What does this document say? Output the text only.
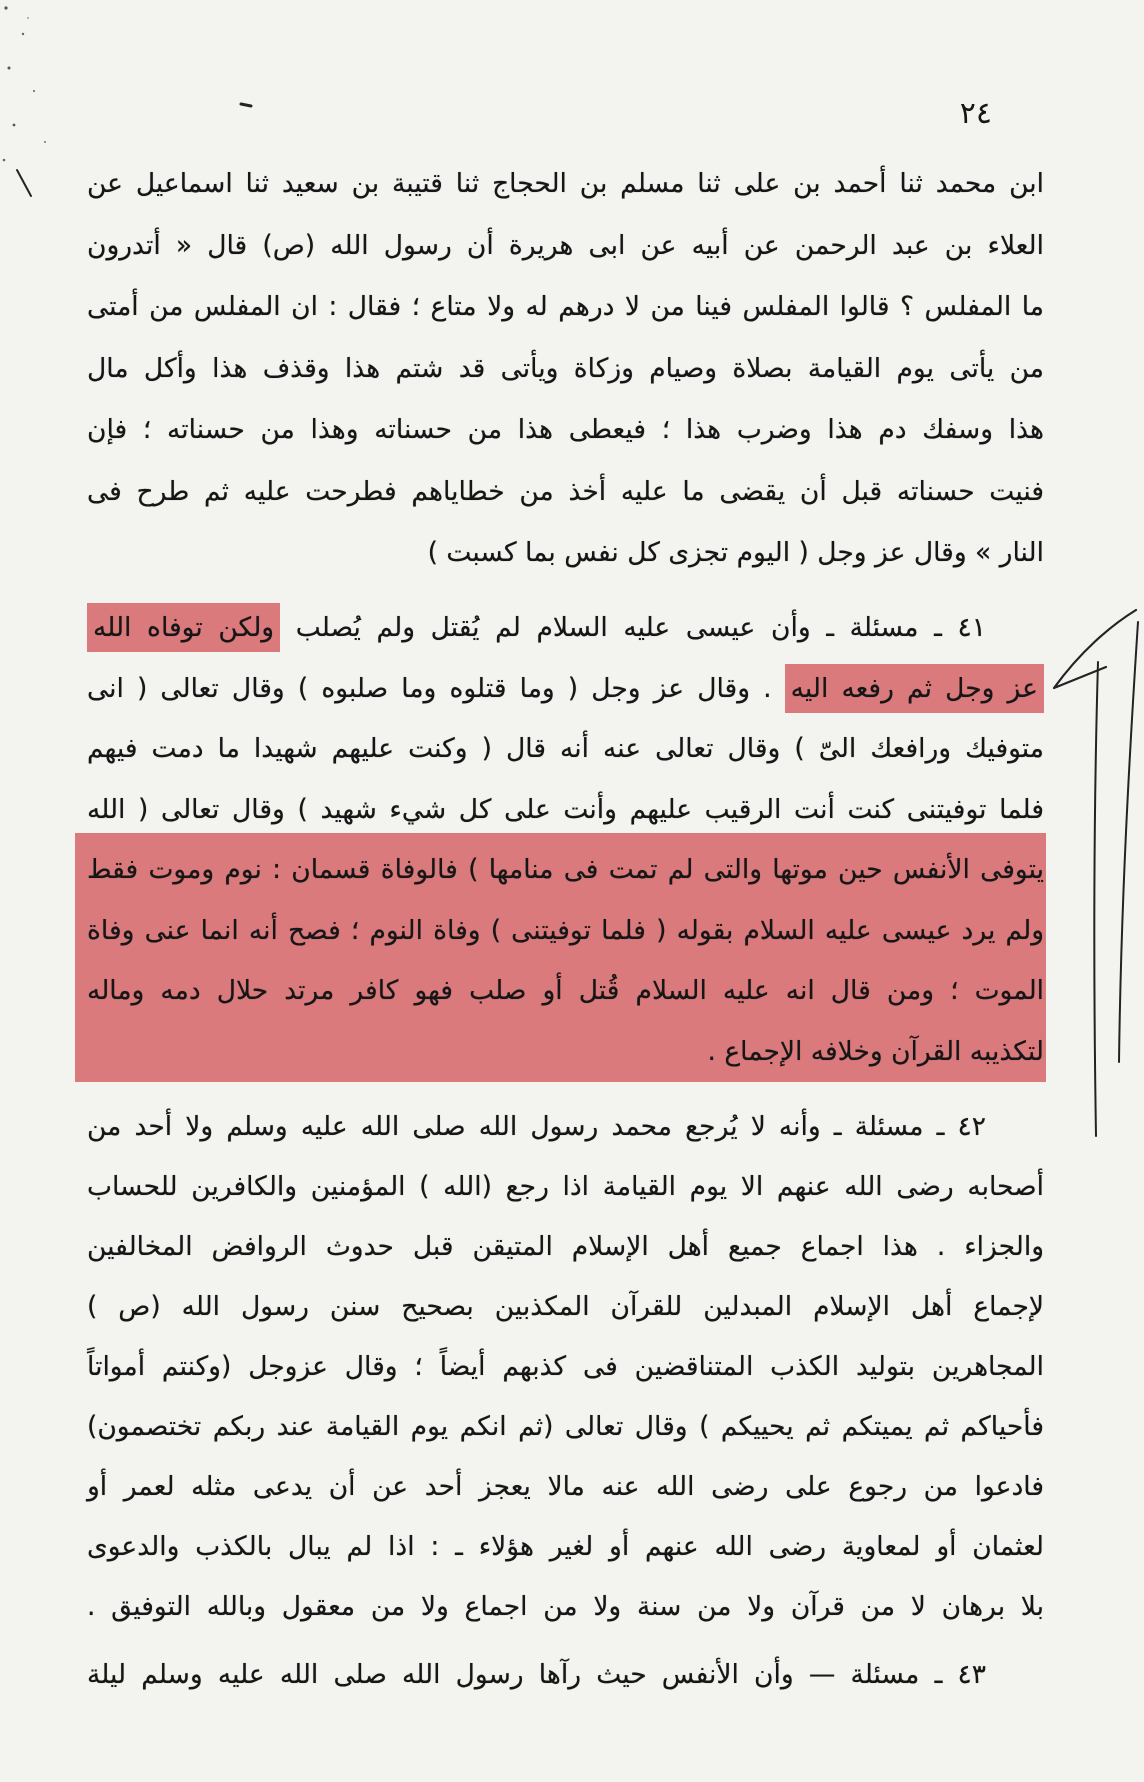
٢٤
ابن محمد ثنا أحمد بن على ثنا مسلم بن الحجاج ثنا قتيبة بن سعيد ثنا اسماعيل عن
العلاء بن عبد الرحمن عن أبيه عن ابى هريرة أن رسول الله (ص) قال « أتدرون
ما المفلس ؟ قالوا المفلس فينا من لا درهم له ولا متاع ؛ فقال : ان المفلس من أمتى
من يأتى يوم القيامة بصلاة وصيام وزكاة ويأتى قد شتم هذا وقذف هذا وأكل مال
هذا وسفك دم هذا وضرب هذا ؛ فيعطى هذا من حسناته وهذا من حسناته ؛ فإن
فنيت حسناته قبل أن يقضى ما عليه أخذ من خطاياهم فطرحت عليه ثم طرح فى
النار » وقال عز وجل ( اليوم تجزى كل نفس بما كسبت )
٤١ ـ مسئلة ـ وأن عيسى عليه السلام لم يُقتل ولم يُصلب ولكن توفاه الله
عز وجل ثم رفعه اليه . وقال عز وجل ( وما قتلوه وما صلبوه ) وقال تعالى ( انى
متوفيك ورافعك الىّ ) وقال تعالى عنه أنه قال ( وكنت عليهم شهيدا ما دمت فيهم
فلما توفيتنى كنت أنت الرقيب عليهم وأنت على كل شيء شهيد ) وقال تعالى ( الله
يتوفى الأنفس حين موتها والتى لم تمت فى منامها ) فالوفاة قسمان : نوم وموت فقط
ولم يرد عيسى عليه السلام بقوله ( فلما توفيتنى ) وفاة النوم ؛ فصح أنه انما عنى وفاة
الموت ؛ ومن قال انه عليه السلام قُتل أو صلب فهو كافر مرتد حلال دمه وماله
لتكذيبه القرآن وخلافه الإجماع .
٤٢ ـ مسئلة ـ وأنه لا يُرجع محمد رسول الله صلى الله عليه وسلم ولا أحد من
أصحابه رضى الله عنهم الا يوم القيامة اذا رجع (الله ) المؤمنين والكافرين للحساب
والجزاء . هذا اجماع جميع أهل الإسلام المتيقن قبل حدوث الروافض المخالفين
لإجماع أهل الإسلام المبدلين للقرآن المكذبين بصحيح سنن رسول الله (ص )
المجاهرين بتوليد الكذب المتناقضين فى كذبهم أيضاً ؛ وقال عزوجل (وكنتم أمواتاً
فأحياكم ثم يميتكم ثم يحييكم ) وقال تعالى (ثم انكم يوم القيامة عند ربكم تختصمون)
فادعوا من رجوع على رضى الله عنه مالا يعجز أحد عن أن يدعى مثله لعمر أو
لعثمان أو لمعاوية رضى الله عنهم أو لغير هؤلاء ـ : اذا لم يبال بالكذب والدعوى
بلا برهان لا من قرآن ولا من سنة ولا من اجماع ولا من معقول وبالله التوفيق .
٤٣ ـ مسئلة — وأن الأنفس حيث رآها رسول الله صلى الله عليه وسلم ليلة
